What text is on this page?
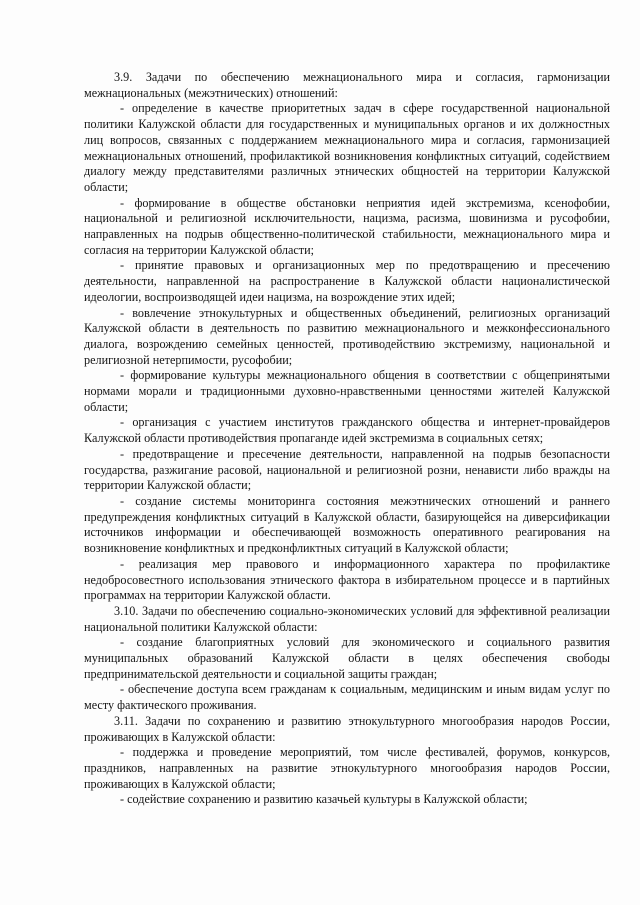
3.9. Задачи по обеспечению межнационального мира и согласия, гармонизации межнациональных (межэтнических) отношений:

- определение в качестве приоритетных задач в сфере государственной национальной политики Калужской области для государственных и муниципальных органов и их должностных лиц вопросов, связанных с поддержанием межнационального мира и согласия, гармонизацией межнациональных отношений, профилактикой возникновения конфликтных ситуаций, содействием диалогу между представителями различных этнических общностей на территории Калужской области;

- формирование в обществе обстановки неприятия идей экстремизма, ксенофобии, национальной и религиозной исключительности, нацизма, расизма, шовинизма и русофобии, направленных на подрыв общественно-политической стабильности, межнационального мира и согласия на территории Калужской области;

- принятие правовых и организационных мер по предотвращению и пресечению деятельности, направленной на распространение в Калужской области националистической идеологии, воспроизводящей идеи нацизма, на возрождение этих идей;

- вовлечение этнокультурных и общественных объединений, религиозных организаций Калужской области в деятельность по развитию межнационального и межконфессионального диалога, возрождению семейных ценностей, противодействию экстремизму, национальной и религиозной нетерпимости, русофобии;

- формирование культуры межнационального общения в соответствии с общепринятыми нормами морали и традиционными духовно-нравственными ценностями жителей Калужской области;

- организация с участием институтов гражданского общества и интернет-провайдеров Калужской области противодействия пропаганде идей экстремизма в социальных сетях;

- предотвращение и пресечение деятельности, направленной на подрыв безопасности государства, разжигание расовой, национальной и религиозной розни, ненависти либо вражды на территории Калужской области;

- создание системы мониторинга состояния межэтнических отношений и раннего предупреждения конфликтных ситуаций в Калужской области, базирующейся на диверсификации источников информации и обеспечивающей возможность оперативного реагирования на возникновение конфликтных и предконфликтных ситуаций в Калужской области;

- реализация мер правового и информационного характера по профилактике недобросовестного использования этнического фактора в избирательном процессе и в партийных программах на территории Калужской области.

3.10. Задачи по обеспечению социально-экономических условий для эффективной реализации национальной политики Калужской области:

- создание благоприятных условий для экономического и социального развития муниципальных образований Калужской области в целях обеспечения свободы предпринимательской деятельности и социальной защиты граждан;

- обеспечение доступа всем гражданам к социальным, медицинским и иным видам услуг по месту фактического проживания.

3.11. Задачи по сохранению и развитию этнокультурного многообразия народов России, проживающих в Калужской области:

- поддержка и проведение мероприятий, том числе фестивалей, форумов, конкурсов, праздников, направленных на развитие этнокультурного многообразия народов России, проживающих в Калужской области;

- содействие сохранению и развитию казачьей культуры в Калужской области;
